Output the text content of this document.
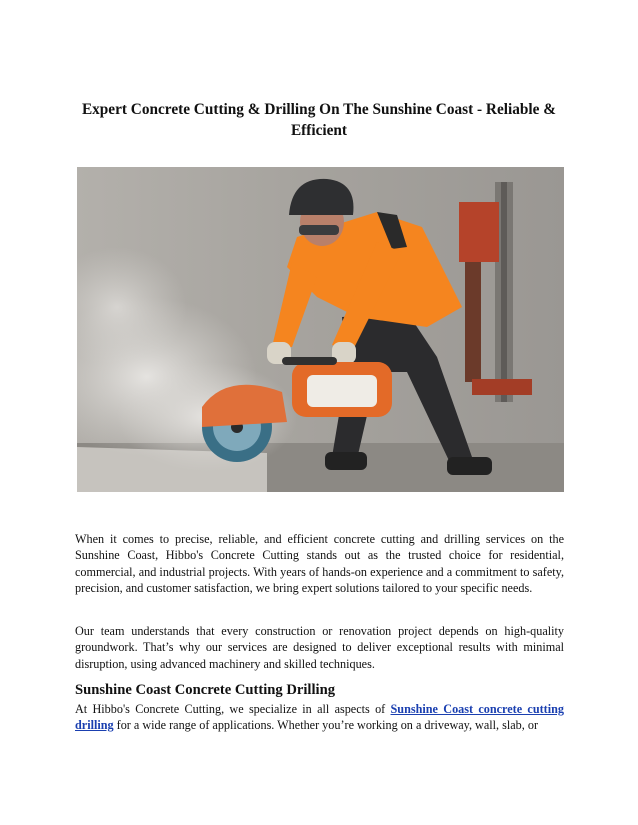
Expert Concrete Cutting & Drilling On The Sunshine Coast - Reliable & Efficient

When it comes to precise, reliable, and efficient concrete cutting and drilling services on the Sunshine Coast, Hibbo's Concrete Cutting stands out as the trusted choice for residential, commercial, and industrial projects. With years of hands-on experience and a commitment to safety, precision, and customer satisfaction, we bring expert solutions tailored to your specific needs.

Our team understands that every construction or renovation project depends on high-quality groundwork. That’s why our services are designed to deliver exceptional results with minimal disruption, using advanced machinery and skilled techniques.

Sunshine Coast Concrete Cutting Drilling

At Hibbo's Concrete Cutting, we specialize in all aspects of Sunshine Coast concrete cutting drilling for a wide range of applications. Whether you’re working on a driveway, wall, slab, or
